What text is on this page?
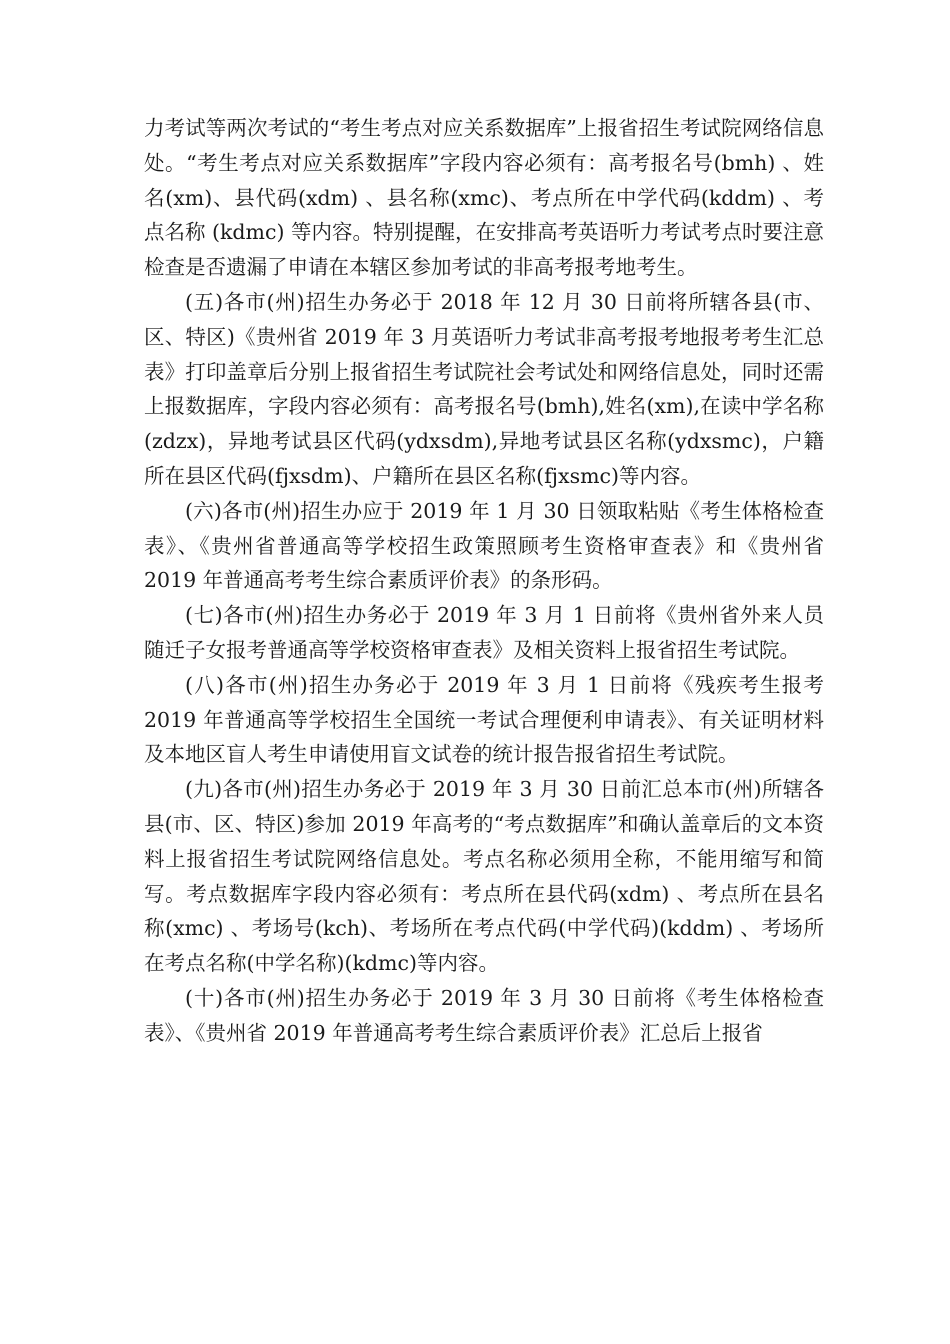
力考试等两次考试的“考生考点对应关系数据库”上报省招生考试院网络信息处。“考生考点对应关系数据库”字段内容必须有：高考报名号(bmh) 、姓名(xm)、县代码(xdm) 、县名称(xmc)、考点所在中学代码(kddm) 、考点名称 (kdmc) 等内容。特别提醒，在安排高考英语听力考试考点时要注意检查是否遗漏了申请在本辖区参加考试的非高考报考地考生。

(五)各市(州)招生办务必于 2018 年 12 月 30 日前将所辖各县(市、区、特区)《贵州省 2019 年 3 月英语听力考试非高考报考地报考考生汇总表》打印盖章后分别上报省招生考试院社会考试处和网络信息处，同时还需上报数据库，字段内容必须有：高考报名号(bmh),姓名(xm),在读中学名称(zdzx)，异地考试县区代码(ydxsdm),异地考试县区名称(ydxsmc)，户籍所在县区代码(fjxsdm)、户籍所在县区名称(fjxsmc)等内容。

(六)各市(州)招生办应于 2019 年 1 月 30 日领取粘贴《考生体格检查表》、《贵州省普通高等学校招生政策照顾考生资格审查表》和《贵州省 2019 年普通高考考生综合素质评价表》的条形码。

(七)各市(州)招生办务必于 2019 年 3 月 1 日前将《贵州省外来人员随迁子女报考普通高等学校资格审查表》及相关资料上报省招生考试院。

(八)各市(州)招生办务必于 2019 年 3 月 1 日前将《残疾考生报考 2019 年普通高等学校招生全国统一考试合理便利申请表》、有关证明材料及本地区盲人考生申请使用盲文试卷的统计报告报省招生考试院。

(九)各市(州)招生办务必于 2019 年 3 月 30 日前汇总本市(州)所辖各县(市、区、特区)参加 2019 年高考的“考点数据库”和确认盖章后的文本资料上报省招生考试院网络信息处。考点名称必须用全称，不能用缩写和简写。考点数据库字段内容必须有：考点所在县代码(xdm) 、考点所在县名称(xmc) 、考场号(kch)、考场所在考点代码(中学代码)(kddm) 、考场所在考点名称(中学名称)(kdmc)等内容。

(十)各市(州)招生办务必于 2019 年 3 月 30 日前将《考生体格检查表》、《贵州省 2019 年普通高考考生综合素质评价表》汇总后上报省
